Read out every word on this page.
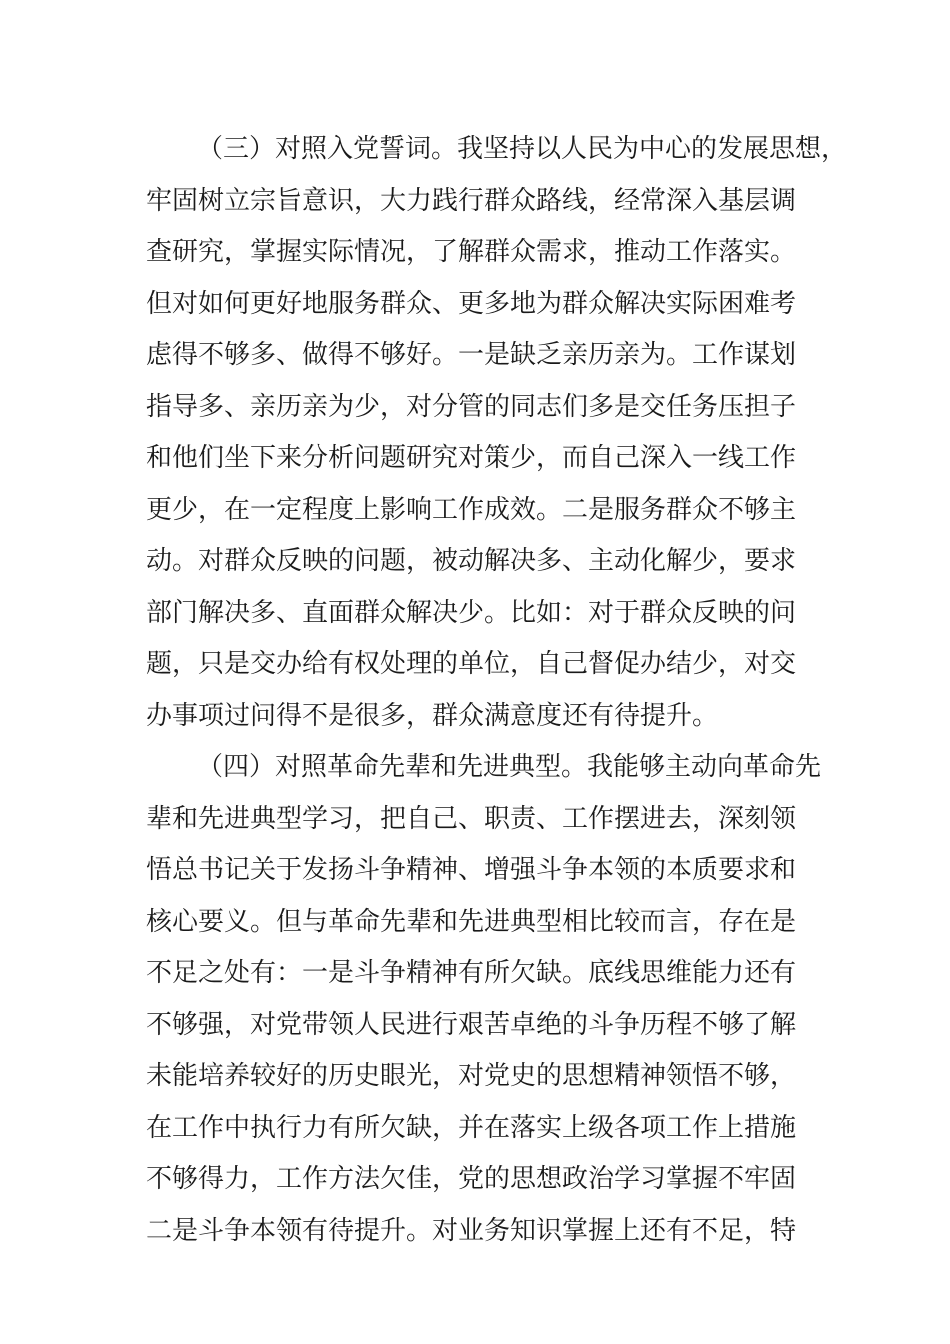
（三）对照入党誓词。我坚持以人民为中心的发展思想，
牢固树立宗旨意识，大力践行群众路线，经常深入基层调
查研究，掌握实际情况，了解群众需求，推动工作落实。
但对如何更好地服务群众、更多地为群众解决实际困难考
虑得不够多、做得不够好。一是缺乏亲历亲为。工作谋划
指导多、亲历亲为少，对分管的同志们多是交任务压担子
和他们坐下来分析问题研究对策少，而自己深入一线工作
更少，在一定程度上影响工作成效。二是服务群众不够主
动。对群众反映的问题，被动解决多、主动化解少，要求
部门解决多、直面群众解决少。比如：对于群众反映的问
题，只是交办给有权处理的单位，自己督促办结少，对交
办事项过问得不是很多，群众满意度还有待提升。
（四）对照革命先辈和先进典型。我能够主动向革命先
辈和先进典型学习，把自己、职责、工作摆进去，深刻领
悟总书记关于发扬斗争精神、增强斗争本领的本质要求和
核心要义。但与革命先辈和先进典型相比较而言，存在是
不足之处有：一是斗争精神有所欠缺。底线思维能力还有
不够强，对党带领人民进行艰苦卓绝的斗争历程不够了解
未能培养较好的历史眼光，对党史的思想精神领悟不够，
在工作中执行力有所欠缺，并在落实上级各项工作上措施
不够得力，工作方法欠佳，党的思想政治学习掌握不牢固
二是斗争本领有待提升。对业务知识掌握上还有不足，特
